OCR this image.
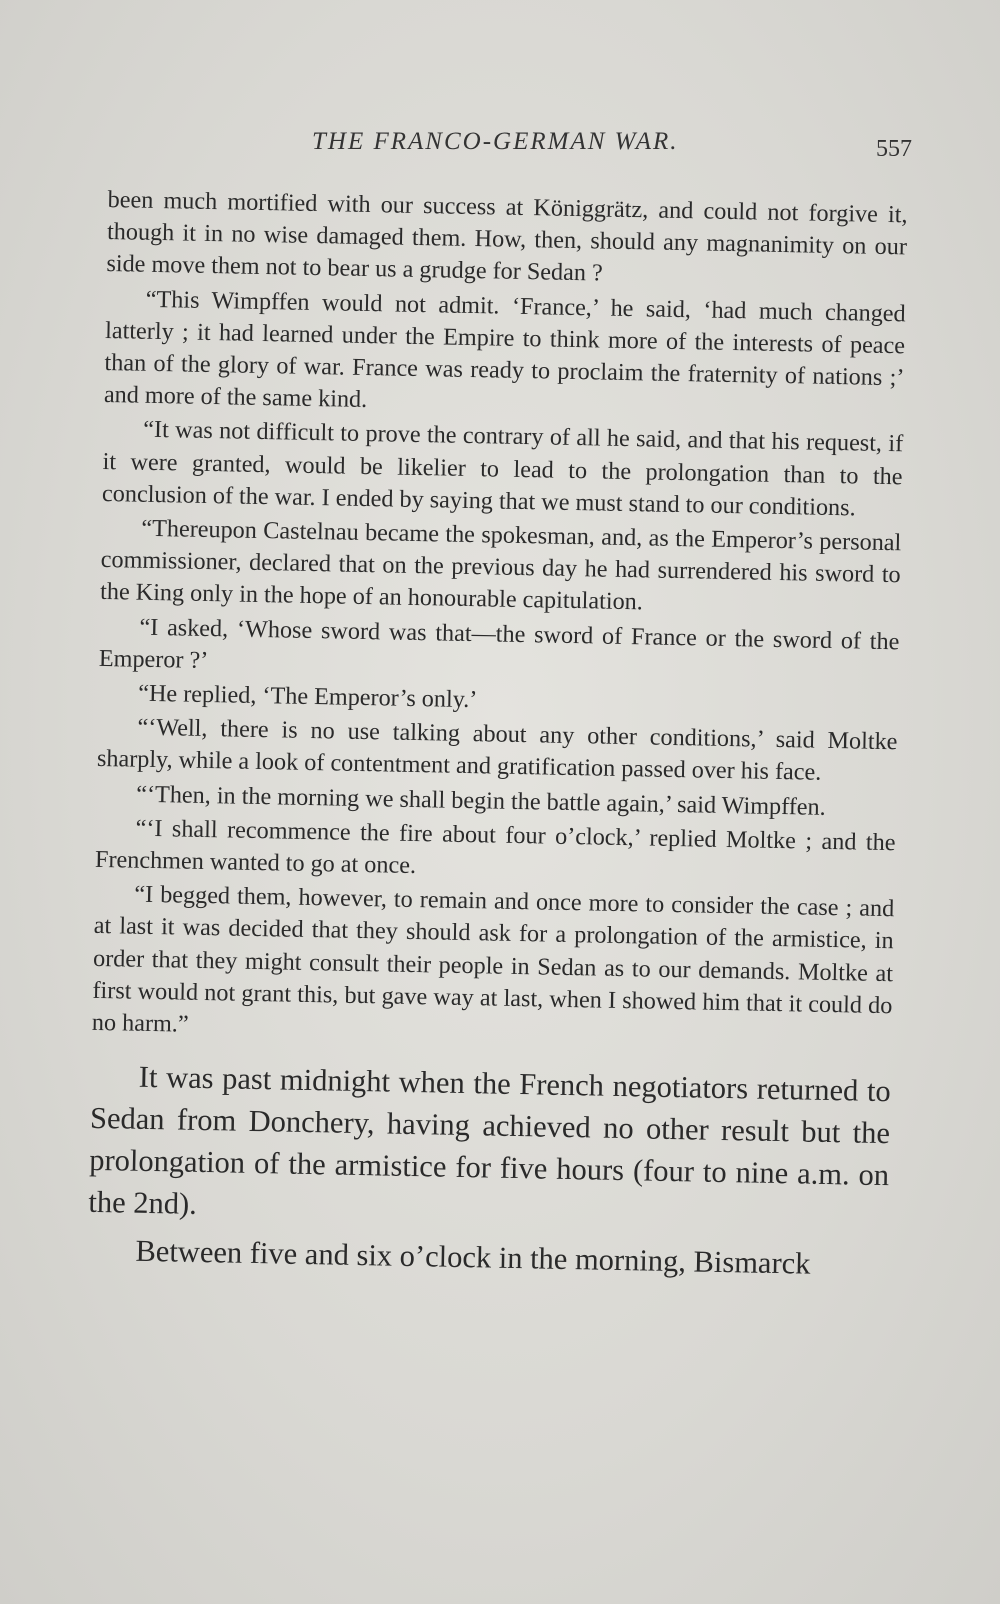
THE FRANCO-GERMAN WAR.	557

been much mortified with our success at Königgrätz, and could not forgive it, though it in no wise damaged them. How, then, should any magnanimity on our side move them not to bear us a grudge for Sedan ?

“This Wimpffen would not admit. ‘France,’ he said, ‘had much changed latterly ; it had learned under the Empire to think more of the interests of peace than of the glory of war. France was ready to proclaim the fraternity of nations ;’ and more of the same kind.

“It was not difficult to prove the contrary of all he said, and that his request, if it were granted, would be likelier to lead to the prolongation than to the conclusion of the war. I ended by saying that we must stand to our conditions.

“Thereupon Castelnau became the spokesman, and, as the Emperor’s personal commissioner, declared that on the previous day he had surrendered his sword to the King only in the hope of an honourable capitulation.

“I asked, ‘Whose sword was that—the sword of France or the sword of the Emperor ?’

“He replied, ‘The Emperor’s only.’

“‘Well, there is no use talking about any other conditions,’ said Moltke sharply, while a look of contentment and gratification passed over his face.

“‘Then, in the morning we shall begin the battle again,’ said Wimpffen.

“‘I shall recommence the fire about four o’clock,’ replied Moltke ; and the Frenchmen wanted to go at once.

“I begged them, however, to remain and once more to consider the case ; and at last it was decided that they should ask for a prolongation of the armistice, in order that they might consult their people in Sedan as to our demands. Moltke at first would not grant this, but gave way at last, when I showed him that it could do no harm.”

It was past midnight when the French negotiators returned to Sedan from Donchery, having achieved no other result but the prolongation of the armistice for five hours (four to nine a.m. on the 2nd).

Between five and six o’clock in the morning, Bismarck
